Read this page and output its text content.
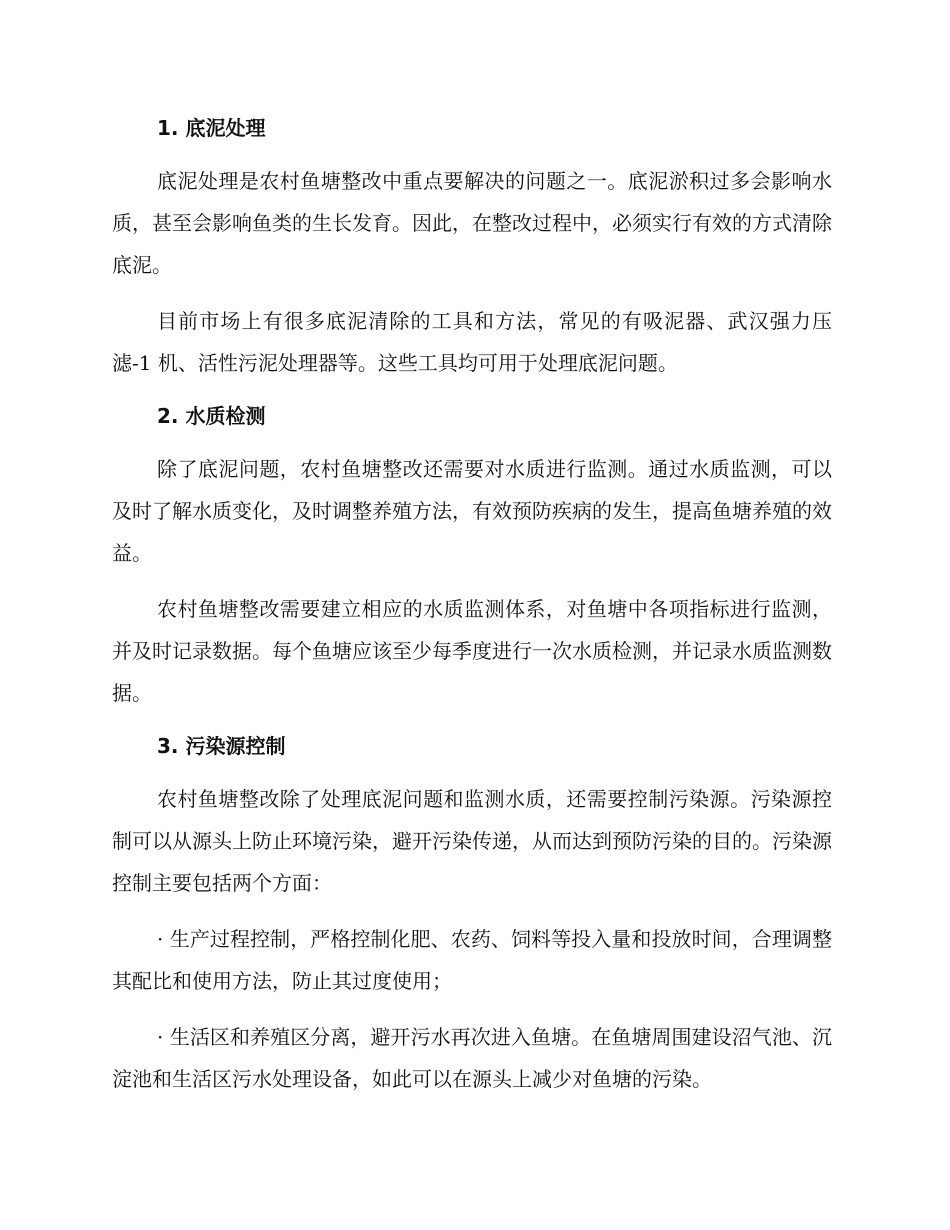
1. 底泥处理

底泥处理是农村鱼塘整改中重点要解决的问题之一。底泥淤积过多会影响水质，甚至会影响鱼类的生长发育。因此，在整改过程中，必须实行有效的方式清除底泥。

目前市场上有很多底泥清除的工具和方法，常见的有吸泥器、武汉强力压滤-1 机、活性污泥处理器等。这些工具均可用于处理底泥问题。

2. 水质检测

除了底泥问题，农村鱼塘整改还需要对水质进行监测。通过水质监测，可以及时了解水质变化，及时调整养殖方法，有效预防疾病的发生，提高鱼塘养殖的效益。

农村鱼塘整改需要建立相应的水质监测体系，对鱼塘中各项指标进行监测，并及时记录数据。每个鱼塘应该至少每季度进行一次水质检测，并记录水质监测数据。

3. 污染源控制

农村鱼塘整改除了处理底泥问题和监测水质，还需要控制污染源。污染源控制可以从源头上防止环境污染，避开污染传递，从而达到预防污染的目的。污染源控制主要包括两个方面：

· 生产过程控制，严格控制化肥、农药、饲料等投入量和投放时间，合理调整其配比和使用方法，防止其过度使用；

· 生活区和养殖区分离，避开污水再次进入鱼塘。在鱼塘周围建设沼气池、沉淀池和生活区污水处理设备，如此可以在源头上减少对鱼塘的污染。
